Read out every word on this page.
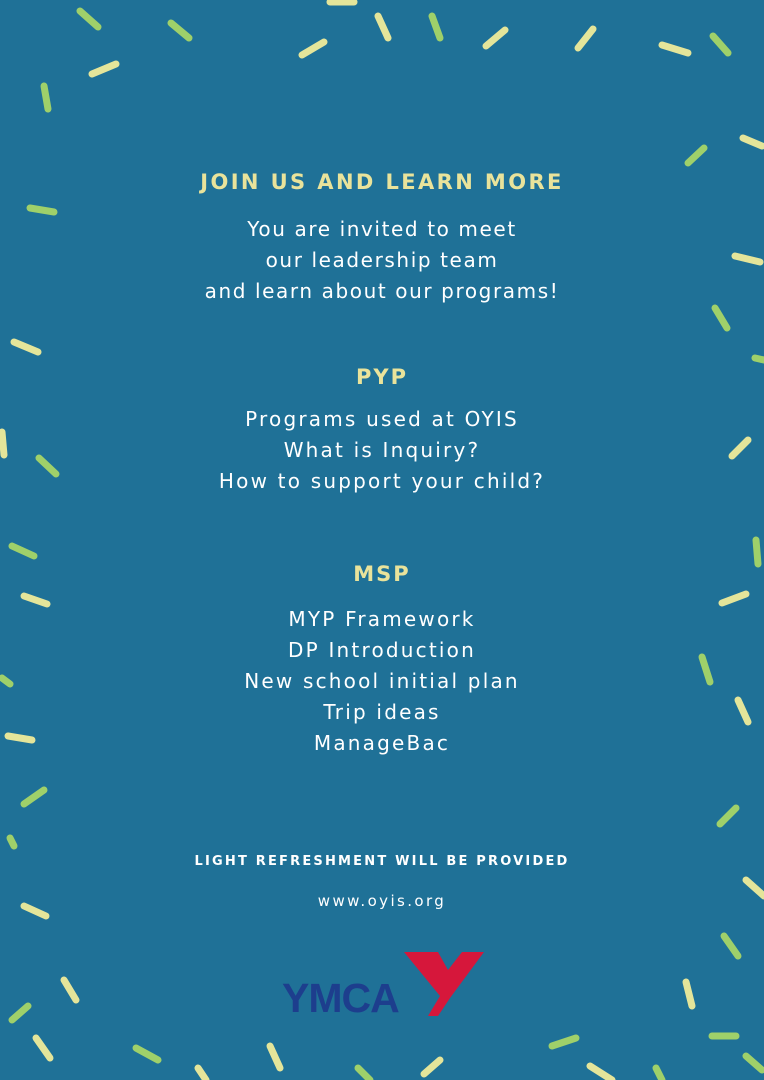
JOIN US AND LEARN MORE
You are invited to meet
our leadership team
and learn about our programs!
PYP
Programs used at OYIS
What is Inquiry?
How to support your child?
MSP
MYP Framework
DP Introduction
New school initial plan
Trip ideas
ManageBac
LIGHT REFRESHMENT WILL BE PROVIDED
www.oyis.org
YMCA
